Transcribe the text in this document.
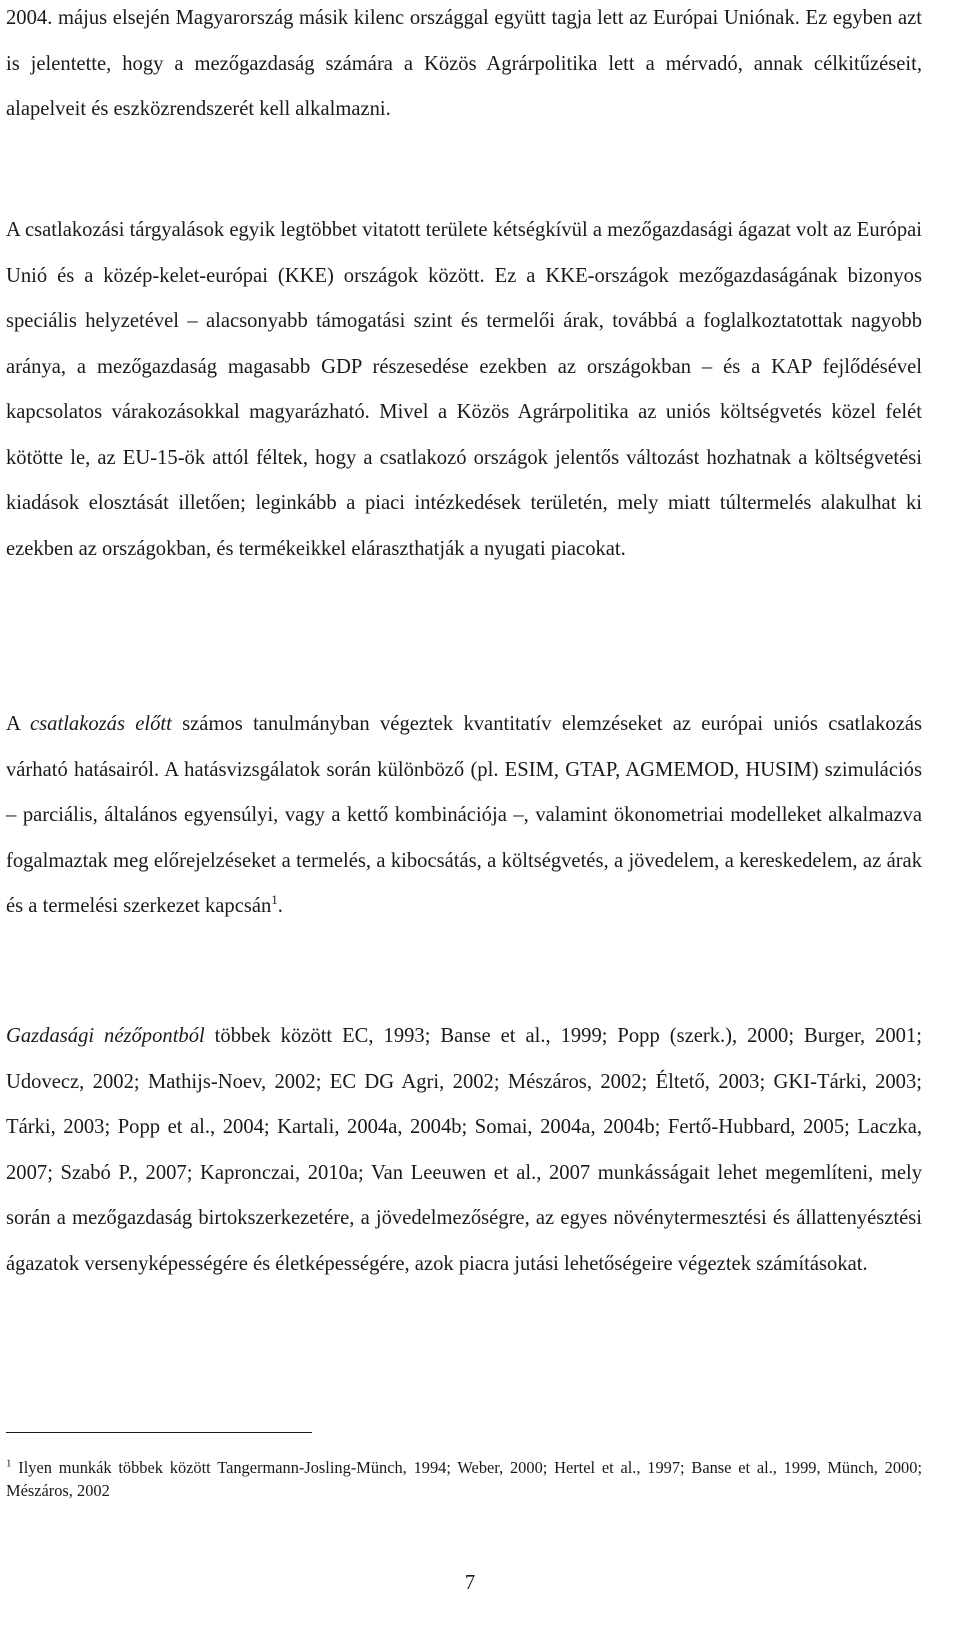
2004. május elsején Magyarország másik kilenc országgal együtt tagja lett az Európai Uniónak. Ez egyben azt is jelentette, hogy a mezőgazdaság számára a Közös Agrárpolitika lett a mérvadó, annak célkitűzéseit, alapelveit és eszközrendszerét kell alkalmazni.

A csatlakozási tárgyalások egyik legtöbbet vitatott területe kétségkívül a mezőgazdasági ágazat volt az Európai Unió és a közép-kelet-európai (KKE) országok között. Ez a KKE-országok mezőgazdaságának bizonyos speciális helyzetével – alacsonyabb támogatási szint és termelői árak, továbbá a foglalkoztatottak nagyobb aránya, a mezőgazdaság magasabb GDP részesedése ezekben az országokban – és a KAP fejlődésével kapcsolatos várakozásokkal magyarázható. Mivel a Közös Agrárpolitika az uniós költségvetés közel felét kötötte le, az EU-15-ök attól féltek, hogy a csatlakozó országok jelentős változást hozhatnak a költségvetési kiadások elosztását illetően; leginkább a piaci intézkedések területén, mely miatt túltermelés alakulhat ki ezekben az országokban, és termékeikkel eláraszthatják a nyugati piacokat.

A csatlakozás előtt számos tanulmányban végeztek kvantitatív elemzéseket az európai uniós csatlakozás várható hatásairól. A hatásvizsgálatok során különböző (pl. ESIM, GTAP, AGMEMOD, HUSIM) szimulációs – parciális, általános egyensúlyi, vagy a kettő kombinációja –, valamint ökonometriai modelleket alkalmazva fogalmaztak meg előrejelzéseket a termelés, a kibocsátás, a költségvetés, a jövedelem, a kereskedelem, az árak és a termelési szerkezet kapcsán$^1$.

Gazdasági nézőpontból többek között EC, 1993; Banse et al., 1999; Popp (szerk.), 2000; Burger, 2001; Udovecz, 2002; Mathijs-Noev, 2002; EC DG Agri, 2002; Mészáros, 2002; Éltető, 2003; GKI-Tárki, 2003; Tárki, 2003; Popp et al., 2004; Kartali, 2004a, 2004b; Somai, 2004a, 2004b; Fertő-Hubbard, 2005; Laczka, 2007; Szabó P., 2007; Kapronczai, 2010a; Van Leeuwen et al., 2007 munkásságait lehet megemlíteni, mely során a mezőgazdaság birtokszerkezetére, a jövedelmezőségre, az egyes növénytermesztési és állattenyésztési ágazatok versenyképességére és életképességére, azok piacra jutási lehetőségeire végeztek számításokat.

$^1$ Ilyen munkák többek között Tangermann-Josling-Münch, 1994; Weber, 2000; Hertel et al., 1997; Banse et al., 1999, Münch, 2000; Mészáros, 2002
7
